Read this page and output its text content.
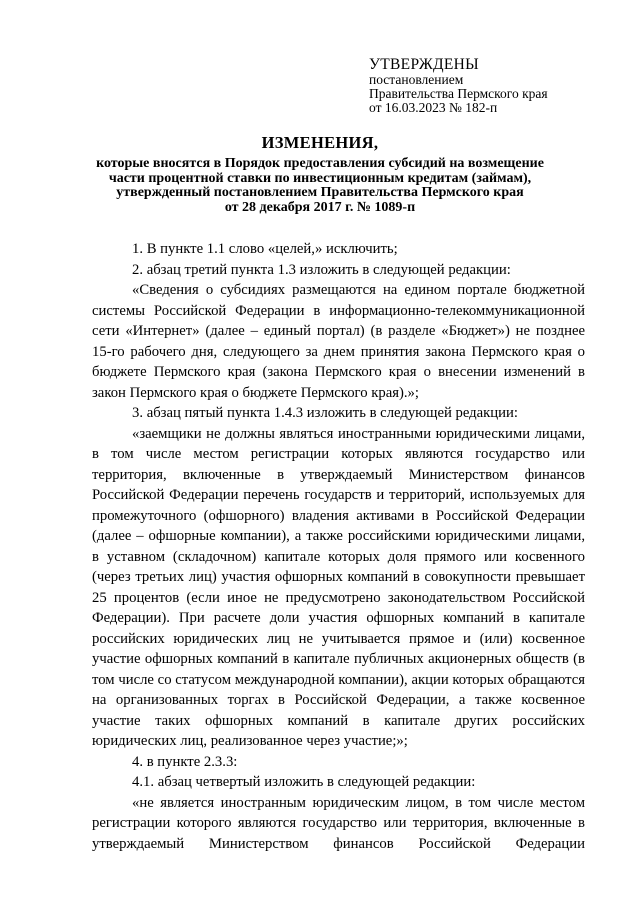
УТВЕРЖДЕНЫ
постановлением
Правительства Пермского края
от 16.03.2023 № 182-п
ИЗМЕНЕНИЯ,
которые вносятся в Порядок предоставления субсидий на возмещение
части процентной ставки по инвестиционным кредитам (займам),
утвержденный постановлением Правительства Пермского края
от 28 декабря 2017 г. № 1089-п

1. В пункте 1.1 слово «целей,» исключить;

2. абзац третий пункта 1.3 изложить в следующей редакции:

«Сведения о субсидиях размещаются на едином портале бюджетной системы Российской Федерации в информационно-телекоммуникационной сети «Интернет» (далее – единый портал) (в разделе «Бюджет») не позднее 15-го рабочего дня, следующего за днем принятия закона Пермского края о бюджете Пермского края (закона Пермского края о внесении изменений в закон Пермского края о бюджете Пермского края).»;

3. абзац пятый пункта 1.4.3 изложить в следующей редакции:

«заемщики не должны являться иностранными юридическими лицами, в том числе местом регистрации которых являются государство или территория, включенные в утверждаемый Министерством финансов Российской Федерации перечень государств и территорий, используемых для промежуточного (офшорного) владения активами в Российской Федерации (далее – офшорные компании), а также российскими юридическими лицами, в уставном (складочном) капитале которых доля прямого или косвенного (через третьих лиц) участия офшорных компаний в совокупности превышает 25 процентов (если иное не предусмотрено законодательством Российской Федерации). При расчете доли участия офшорных компаний в капитале российских юридических лиц не учитывается прямое и (или) косвенное участие офшорных компаний в капитале публичных акционерных обществ (в том числе со статусом международной компании), акции которых обращаются на организованных торгах в Российской Федерации, а также косвенное участие таких офшорных компаний в капитале других российских юридических лиц, реализованное через участие;»;

4. в пункте 2.3.3:

4.1. абзац четвертый изложить в следующей редакции:

«не является иностранным юридическим лицом, в том числе местом регистрации которого являются государство или территория, включенные в утверждаемый Министерством финансов Российской Федерации
